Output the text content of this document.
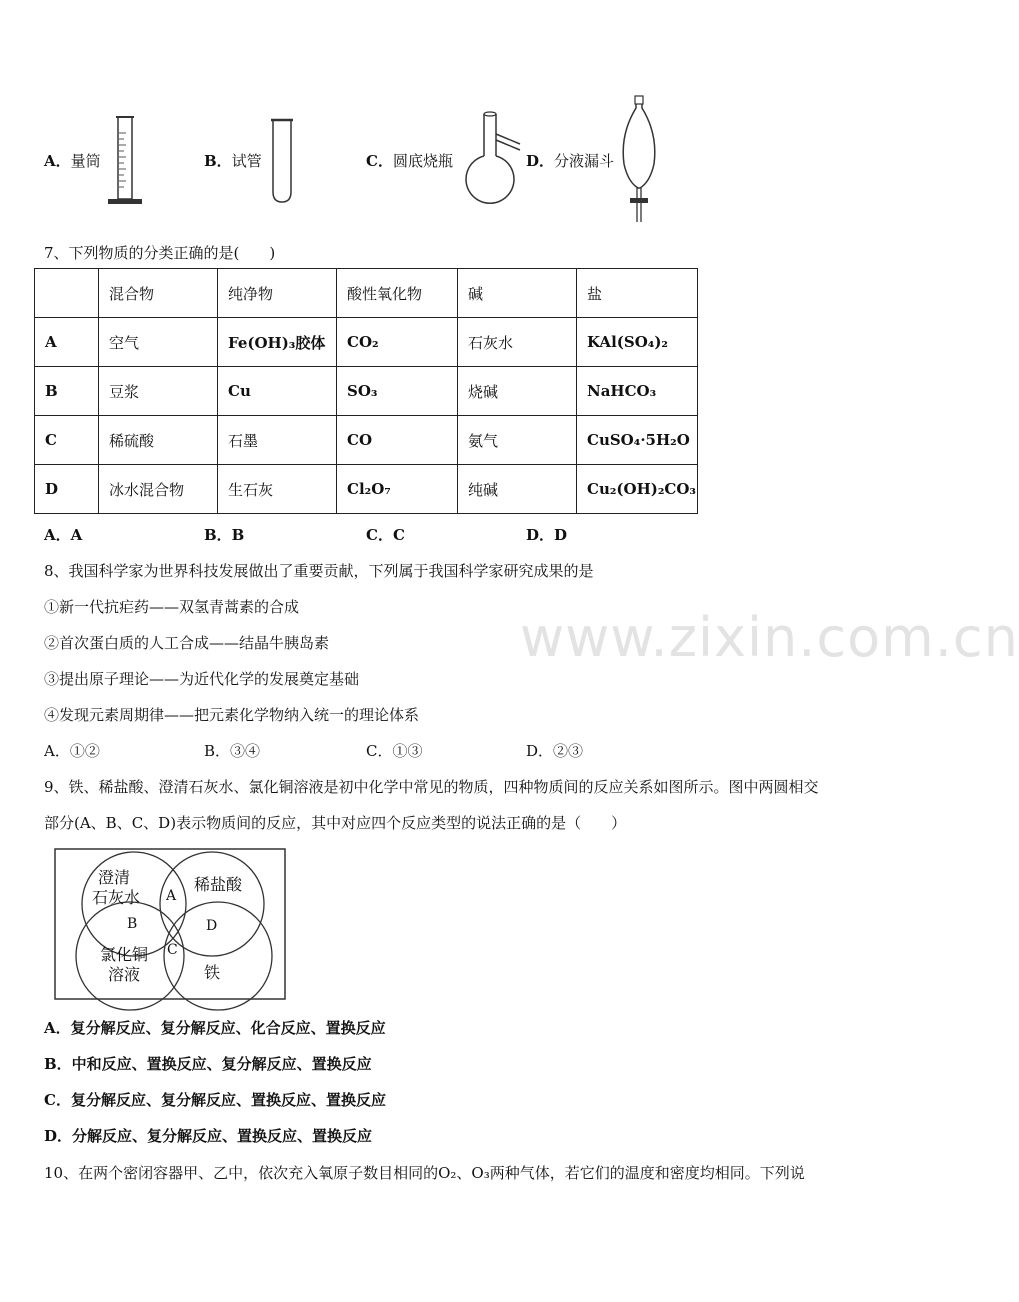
www.zixin.com.cn
A．量筒	B．试管	C．圆底烧瓶	D．分液漏斗
7、下列物质的分类正确的是(　　)
	混合物	纯净物	酸性氧化物	碱	盐
A	空气	Fe(OH)₃胶体	CO₂	石灰水	KAl(SO₄)₂
B	豆浆	Cu	SO₃	烧碱	NaHCO₃
C	稀硫酸	石墨	CO	氨气	CuSO₄·5H₂O
D	冰水混合物	生石灰	Cl₂O₇	纯碱	Cu₂(OH)₂CO₃
A．A	B．B	C．C	D．D
8、我国科学家为世界科技发展做出了重要贡献，下列属于我国科学家研究成果的是
①新一代抗疟药——双氢青蒿素的合成
②首次蛋白质的人工合成——结晶牛胰岛素
③提出原子理论——为近代化学的发展奠定基础
④发现元素周期律——把元素化学物纳入统一的理论体系
A．①②	B．③④	C．①③	D．②③
9、铁、稀盐酸、澄清石灰水、氯化铜溶液是初中化学中常见的物质，四种物质间的反应关系如图所示。图中两圆相交
部分(A、B、C、D)表示物质间的反应，其中对应四个反应类型的说法正确的是（　　）
澄清
石灰水
稀盐酸
氯化铜
溶液	铁
A
B
C
D
A．复分解反应、复分解反应、化合反应、置换反应
B．中和反应、置换反应、复分解反应、置换反应
C．复分解反应、复分解反应、置换反应、置换反应
D．分解反应、复分解反应、置换反应、置换反应
10、在两个密闭容器甲、乙中，依次充入氧原子数目相同的O₂、O₃两种气体，若它们的温度和密度均相同。下列说
